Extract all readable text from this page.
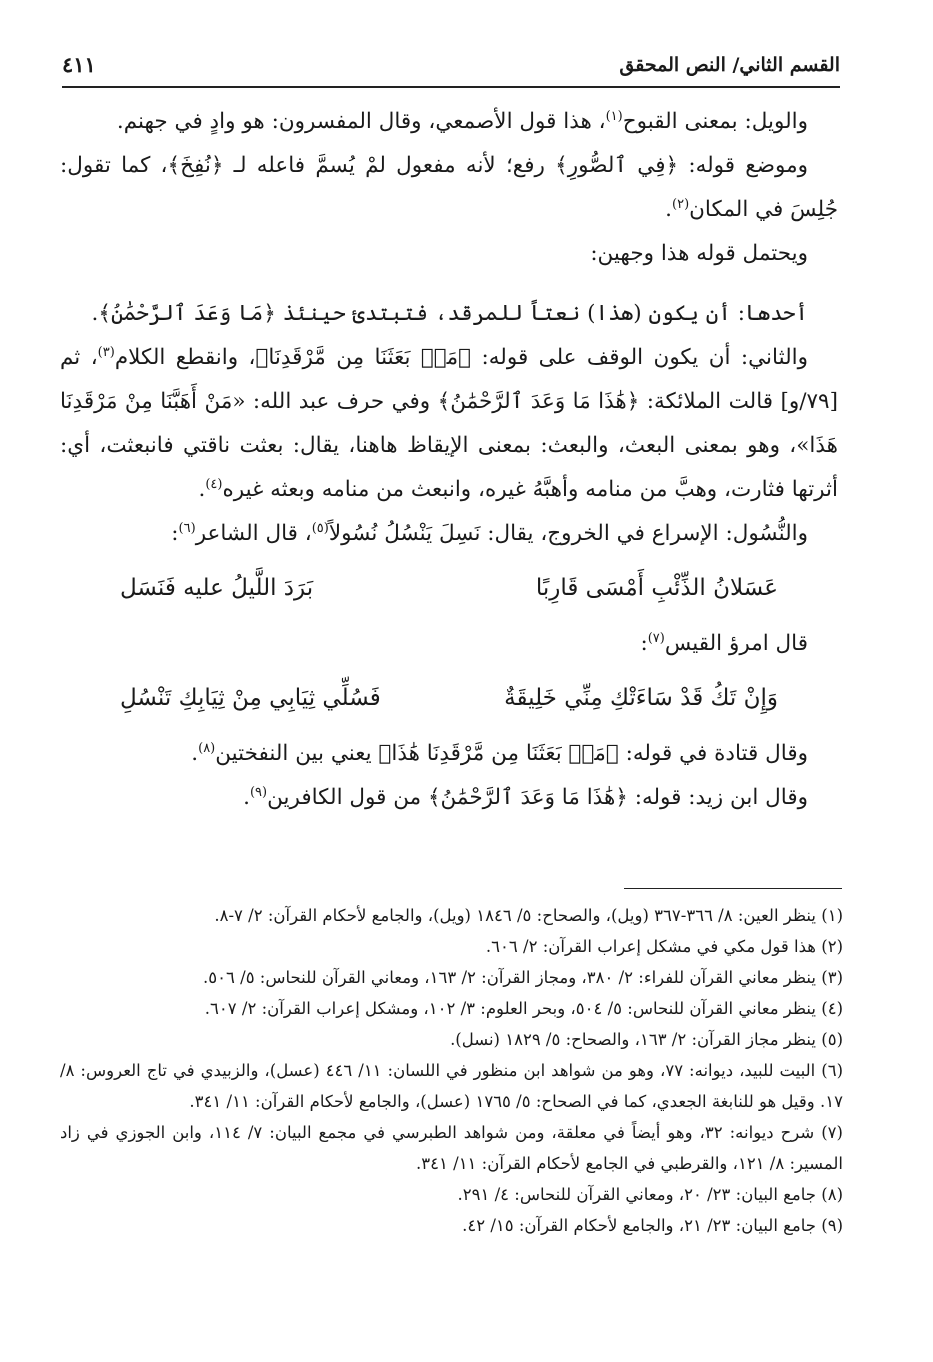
القسم الثاني/ النص المحقق
٤١١

والويل: بمعنى القبوح$^{(١)}$، هذا قول الأصمعي، وقال المفسرون: هو وادٍ في جهنم.

وموضع قوله: ﴿فِي ٱلصُّورِ﴾ رفع؛ لأنه مفعول لمْ يُسمَّ فاعله لـ ﴿نُفِخَ﴾، كما تقول: جُلِسَ في المكان$^{(٢)}$.

ويحتمل قوله هذا وجهين:

أحدها: أن يكون (هذا) نعتاً للمرقد، فتبتدئ حينئذ ﴿مَا وَعَدَ ٱلرَّحْمَٰنُ﴾.

والثاني: أن يكون الوقف على قوله: ﴿مَنۢ بَعَثَنَا مِن مَّرْقَدِنَا﴾، وانقطع الكلام$^{(٣)}$، ثم [٧٩/و] قالت الملائكة: ﴿هَٰذَا مَا وَعَدَ ٱلرَّحْمَٰنُ﴾ وفي حرف عبد الله: «مَنْ أَهَبَّنَا مِنْ مَرْقَدِنَا هَذَا»، وهو بمعنى البعث، والبعث: بمعنى الإيقاظ هاهنا، يقال: بعثت ناقتي فانبعثت، أي: أثرتها فثارت، وهبَّ من منامه وأهبَّهُ غيره، وانبعث من منامه وبعثه غيره$^{(٤)}$.

والنُّسُول: الإسراع في الخروج، يقال: نَسِلَ يَنْسُلُ نُسُولاً$^{(٥)}$، قال الشاعر$^{(٦)}$:

عَسَلانُ الذِّئْبِ أَمْسَى قَارِبًا
بَرَدَ اللَّيلُ عليه فَنَسَل

قال امرؤ القيس$^{(٧)}$:

وَإِنْ تَكُ قَدْ سَاءَتْكِ مِنِّي خَلِيقَةٌ
فَسُلِّي ثِيَابِي مِنْ ثِيَابِكِ تَنْسُلِ

وقال قتادة في قوله: ﴿مَنۢ بَعَثَنَا مِن مَّرْقَدِنَا هَٰذَا﴾ يعني بين النفختين$^{(٨)}$.

وقال ابن زيد: قوله: ﴿هَٰذَا مَا وَعَدَ ٱلرَّحْمَٰنُ﴾ من قول الكافرين$^{(٩)}$.

(١) ينظر العين: ٨/ ٣٦٦-٣٦٧ (ويل)، والصحاح: ٥/ ١٨٤٦ (ويل)، والجامع لأحكام القرآن: ٢/ ٧-٨.

(٢) هذا قول مكي في مشكل إعراب القرآن: ٢/ ٦٠٦.

(٣) ينظر معاني القرآن للفراء: ٢/ ٣٨٠، ومجاز القرآن: ٢/ ١٦٣، ومعاني القرآن للنحاس: ٥/ ٥٠٦.

(٤) ينظر معاني القرآن للنحاس: ٥/ ٥٠٤، وبحر العلوم: ٣/ ١٠٢، ومشكل إعراب القرآن: ٢/ ٦٠٧.

(٥) ينظر مجاز القرآن: ٢/ ١٦٣، والصحاح: ٥/ ١٨٢٩ (نسل).

(٦) البيت للبيد، ديوانه: ٧٧، وهو من شواهد ابن منظور في اللسان: ١١/ ٤٤٦ (عسل)، والزبيدي في تاج العروس: ٨/ ١٧. وقيل هو للنابغة الجعدي، كما في الصحاح: ٥/ ١٧٦٥ (عسل)، والجامع لأحكام القرآن: ١١/ ٣٤١.

(٧) شرح ديوانه: ٣٢، وهو أيضاً في معلقة، ومن شواهد الطبرسي في مجمع البيان: ٧/ ١١٤، وابن الجوزي في زاد المسير: ٨/ ١٢١، والقرطبي في الجامع لأحكام القرآن: ١١/ ٣٤١.

(٨) جامع البيان: ٢٣/ ٢٠، ومعاني القرآن للنحاس: ٤/ ٢٩١.

(٩) جامع البيان: ٢٣/ ٢١، والجامع لأحكام القرآن: ١٥/ ٤٢.
